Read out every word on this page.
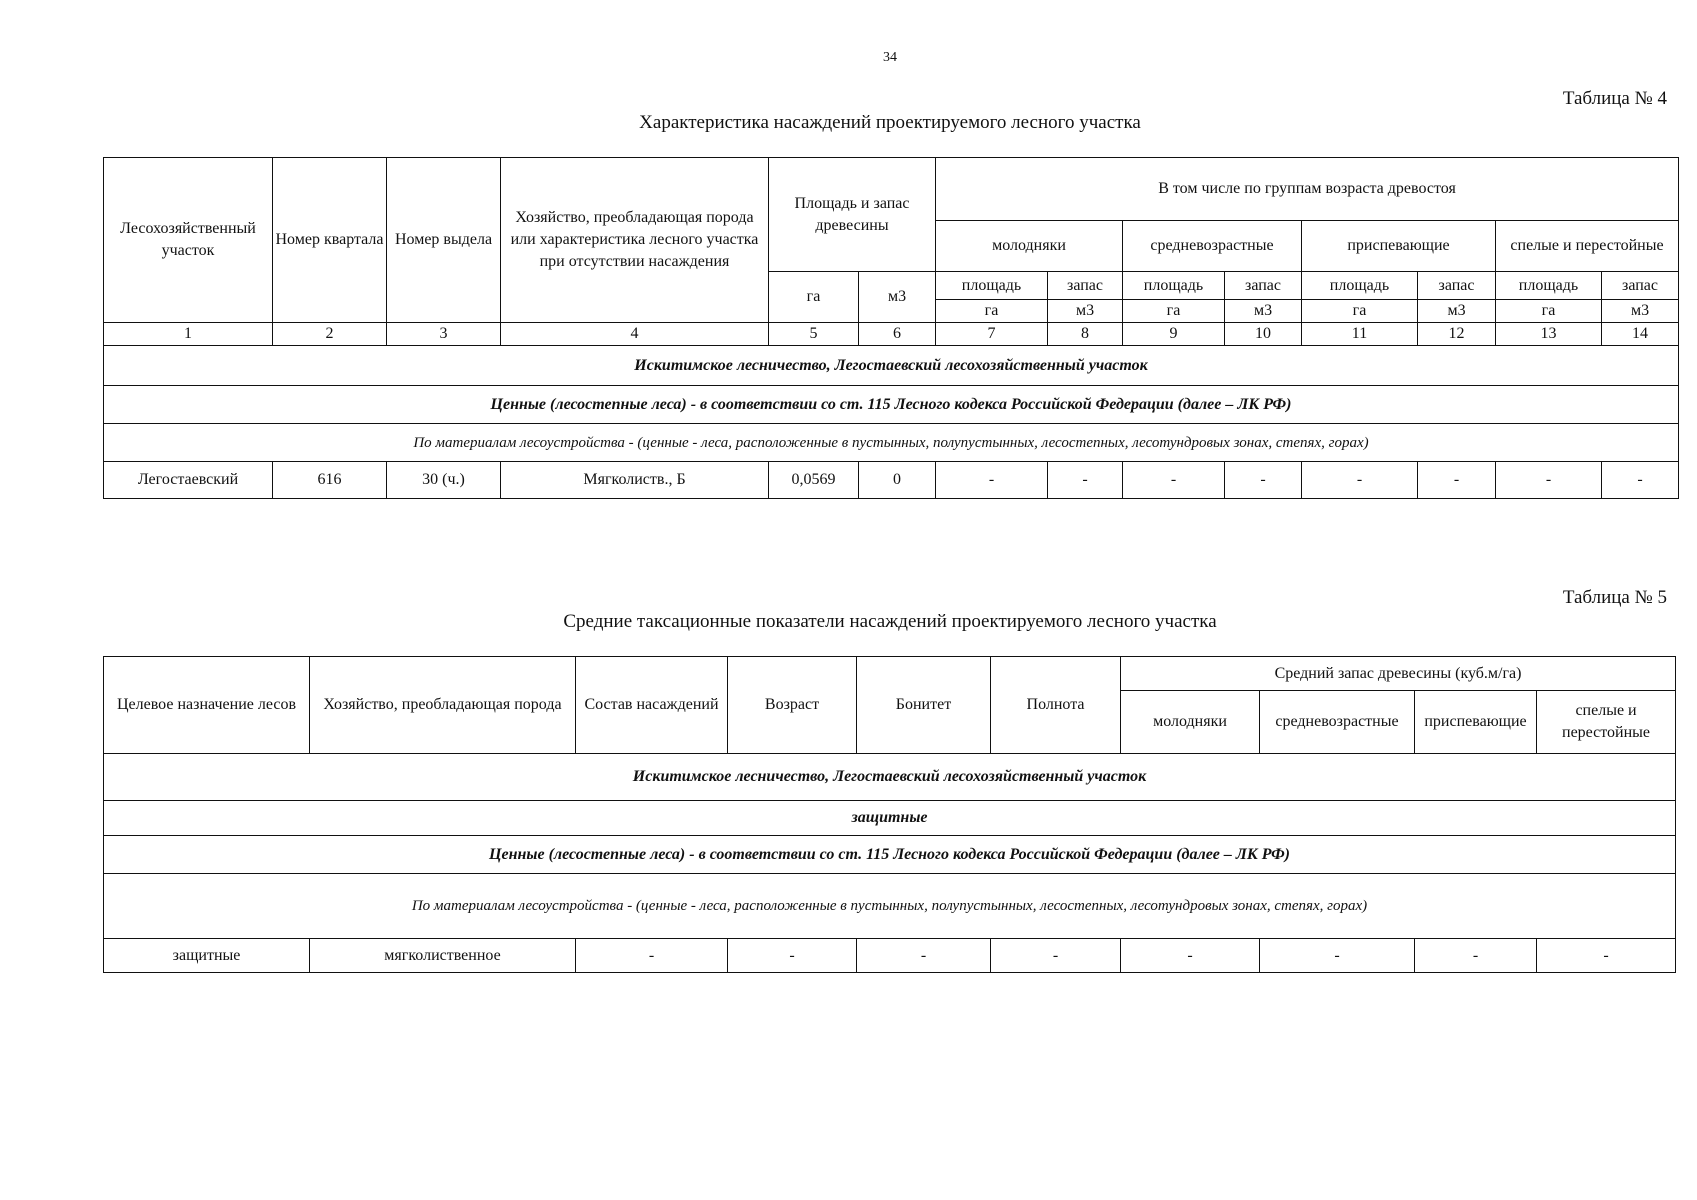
34
Таблица № 4
Характеристика насаждений проектируемого лесного участка
Лесохозяйственный участок	Номер квартала	Номер выдела	Хозяйство, преобладающая порода или характеристика лесного участка при отсутствии насаждения	Площадь и запас древесины		В том числе по группам возраста древостоя							
						молодняки		средневозрастные		приспевающие		спелые и перестойные	
				га	м3	площадь	запас	площадь	запас	площадь	запас	площадь	запас
						га	м3	га	м3	га	м3	га	м3
1	2	3	4	5	6	7	8	9	10	11	12	13	14
Искитимское лесничество, Легостаевский лесохозяйственный участок													
Ценные (лесостепные леса) - в соответствии со ст. 115 Лесного кодекса Российской Федерации (далее – ЛК РФ)													
По материалам лесоустройства - (ценные - леса, расположенные в пустынных, полупустынных, лесостепных, лесотундровых зонах, степях, горах)													
Легостаевский	616	30 (ч.)	Мягколиств., Б	0,0569	0	-	-	-	-	-	-	-	-
Таблица № 5
Средние таксационные показатели насаждений проектируемого лесного участка
Целевое назначение лесов	Хозяйство, преобладающая порода	Состав насаждений	Возраст	Бонитет	Полнота	Средний запас древесины (куб.м/га)			
						молодняки	средневозрастные	приспевающие	спелые и перестойные
Искитимское лесничество, Легостаевский лесохозяйственный участок									
защитные									
Ценные (лесостепные леса) - в соответствии со ст. 115 Лесного кодекса Российской Федерации (далее – ЛК РФ)									
По материалам лесоустройства - (ценные - леса, расположенные в пустынных, полупустынных, лесостепных, лесотундровых зонах, степях, горах)									
защитные	мягколиственное	-	-	-	-	-	-	-	-
